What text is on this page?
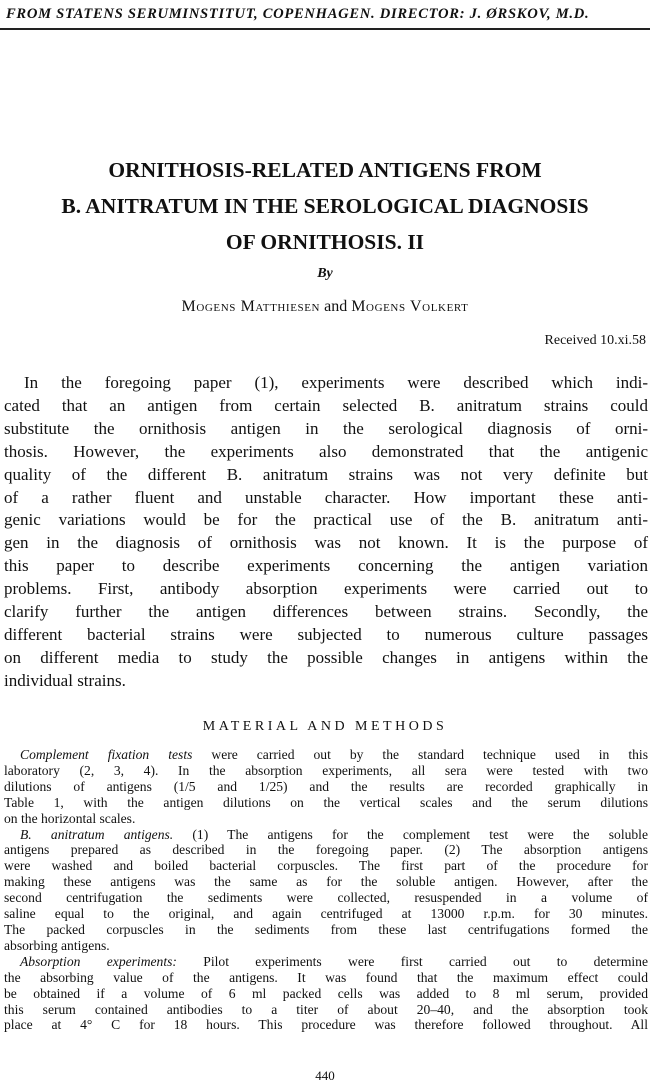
FROM STATENS SERUMINSTITUT, COPENHAGEN. DIRECTOR: J. ØRSKOV, M.D.
ORNITHOSIS-RELATED ANTIGENS FROM
B. ANITRATUM IN THE SEROLOGICAL DIAGNOSIS
OF ORNITHOSIS. II
By
Mogens Matthiesen and Mogens Volkert
Received 10.xi.58
In the foregoing paper (1), experiments were described which indi-
cated that an antigen from certain selected B. anitratum strains could
substitute the ornithosis antigen in the serological diagnosis of orni-
thosis. However, the experiments also demonstrated that the antigenic
quality of the different B. anitratum strains was not very definite but
of a rather fluent and unstable character. How important these anti-
genic variations would be for the practical use of the B. anitratum anti-
gen in the diagnosis of ornithosis was not known. It is the purpose of
this paper to describe experiments concerning the antigen variation
problems. First, antibody absorption experiments were carried out to
clarify further the antigen differences between strains. Secondly, the
different bacterial strains were subjected to numerous culture passages
on different media to study the possible changes in antigens within the
individual strains.
MATERIAL AND METHODS
Complement fixation tests were carried out by the standard technique used in this
laboratory (2, 3, 4). In the absorption experiments, all sera were tested with two
dilutions of antigens (1/5 and 1/25) and the results are recorded graphically in
Table 1, with the antigen dilutions on the vertical scales and the serum dilutions
on the horizontal scales.
B. anitratum antigens. (1) The antigens for the complement test were the soluble
antigens prepared as described in the foregoing paper. (2) The absorption antigens
were washed and boiled bacterial corpuscles. The first part of the procedure for
making these antigens was the same as for the soluble antigen. However, after the
second centrifugation the sediments were collected, resuspended in a volume of
saline equal to the original, and again centrifuged at 13000 r.p.m. for 30 minutes.
The packed corpuscles in the sediments from these last centrifugations formed the
absorbing antigens.
Absorption experiments: Pilot experiments were first carried out to determine
the absorbing value of the antigens. It was found that the maximum effect could
be obtained if a volume of 6 ml packed cells was added to 8 ml serum, provided
this serum contained antibodies to a titer of about 20–40, and the absorption took
place at 4° C for 18 hours. This procedure was therefore followed throughout. All
440
